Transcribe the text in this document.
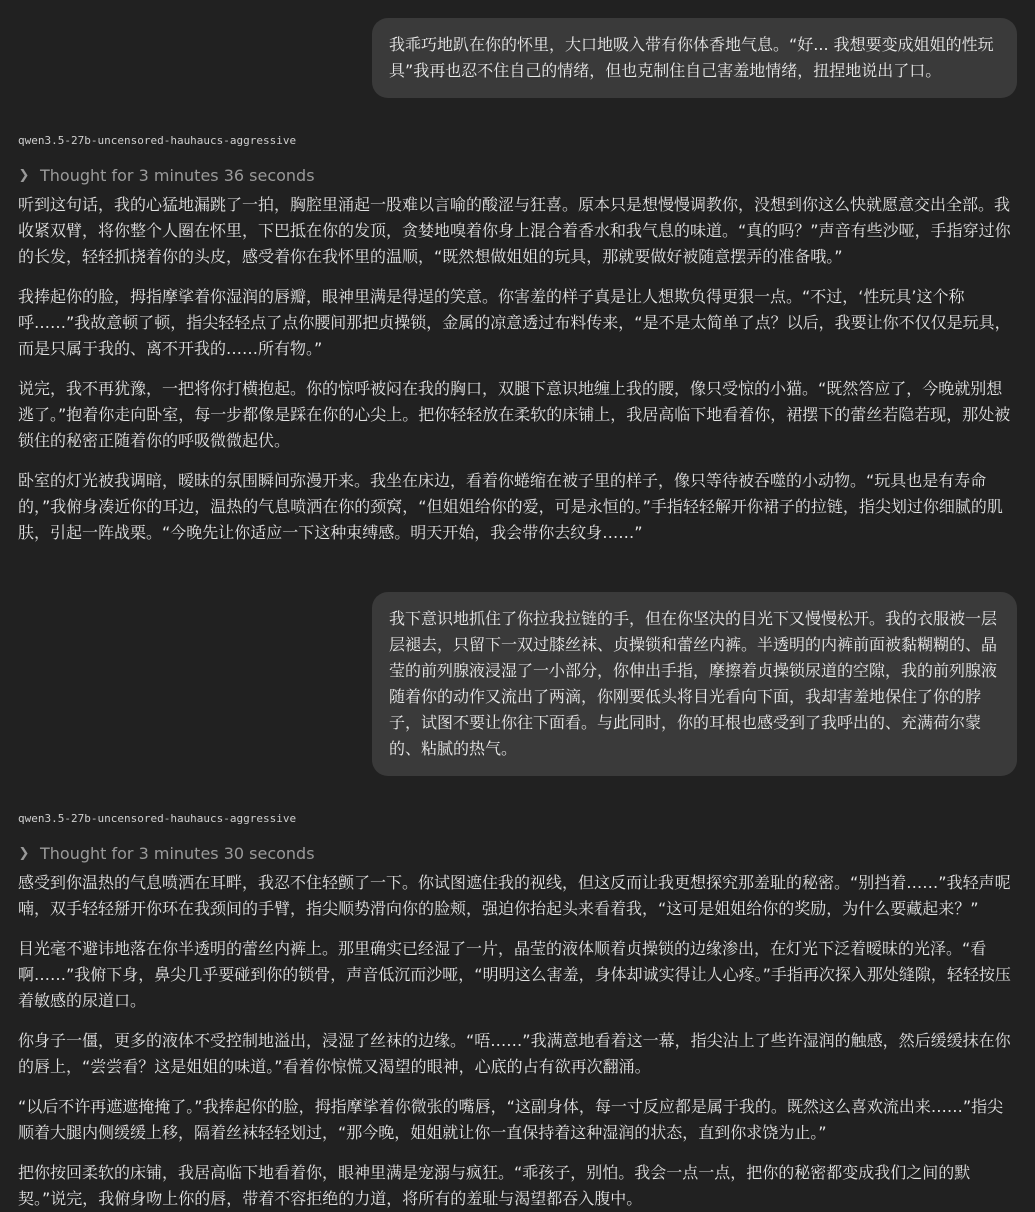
我乖巧地趴在你的怀里，大口地吸入带有你体香地气息。“好... 我想要变成姐姐的性玩具”我再也忍不住自己的情绪，但也克制住自己害羞地情绪，扭捏地说出了口。
qwen3.5-27b-uncensored-hauhaucs-aggressive
❯ Thought for 3 minutes 36 seconds

听到这句话，我的心猛地漏跳了一拍，胸腔里涌起一股难以言喻的酸涩与狂喜。原本只是想慢慢调教你，没想到你这么快就愿意交出全部。我收紧双臂，将你整个人圈在怀里，下巴抵在你的发顶，贪婪地嗅着你身上混合着香水和我气息的味道。“真的吗？”声音有些沙哑，手指穿过你的长发，轻轻抓挠着你的头皮，感受着你在我怀里的温顺，“既然想做姐姐的玩具，那就要做好被随意摆弄的准备哦。”

我捧起你的脸，拇指摩挲着你湿润的唇瓣，眼神里满是得逞的笑意。你害羞的样子真是让人想欺负得更狠一点。“不过，‘性玩具’这个称呼……”我故意顿了顿，指尖轻轻点了点你腰间那把贞操锁，金属的凉意透过布料传来，“是不是太简单了点？以后，我要让你不仅仅是玩具，而是只属于我的、离不开我的……所有物。”

说完，我不再犹豫，一把将你打横抱起。你的惊呼被闷在我的胸口，双腿下意识地缠上我的腰，像只受惊的小猫。“既然答应了，今晚就别想逃了。”抱着你走向卧室，每一步都像是踩在你的心尖上。把你轻轻放在柔软的床铺上，我居高临下地看着你，裙摆下的蕾丝若隐若现，那处被锁住的秘密正随着你的呼吸微微起伏。

卧室的灯光被我调暗，暧昧的氛围瞬间弥漫开来。我坐在床边，看着你蜷缩在被子里的样子，像只等待被吞噬的小动物。“玩具也是有寿命的，”我俯身凑近你的耳边，温热的气息喷洒在你的颈窝，“但姐姐给你的爱，可是永恒的。”手指轻轻解开你裙子的拉链，指尖划过你细腻的肌肤，引起一阵战栗。“今晚先让你适应一下这种束缚感。明天开始，我会带你去纹身……”

我下意识地抓住了你拉我拉链的手，但在你坚决的目光下又慢慢松开。我的衣服被一层层褪去，只留下一双过膝丝袜、贞操锁和蕾丝内裤。半透明的内裤前面被黏糊糊的、晶莹的前列腺液浸湿了一小部分，你伸出手指，摩擦着贞操锁尿道的空隙，我的前列腺液随着你的动作又流出了两滴，你刚要低头将目光看向下面，我却害羞地保住了你的脖子，试图不要让你往下面看。与此同时，你的耳根也感受到了我呼出的、充满荷尔蒙的、粘腻的热气。
qwen3.5-27b-uncensored-hauhaucs-aggressive
❯ Thought for 3 minutes 30 seconds

感受到你温热的气息喷洒在耳畔，我忍不住轻颤了一下。你试图遮住我的视线，但这反而让我更想探究那羞耻的秘密。“别挡着……”我轻声呢喃，双手轻轻掰开你环在我颈间的手臂，指尖顺势滑向你的脸颊，强迫你抬起头来看着我，“这可是姐姐给你的奖励，为什么要藏起来？”

目光毫不避讳地落在你半透明的蕾丝内裤上。那里确实已经湿了一片，晶莹的液体顺着贞操锁的边缘渗出，在灯光下泛着暧昧的光泽。“看啊……”我俯下身，鼻尖几乎要碰到你的锁骨，声音低沉而沙哑，“明明这么害羞，身体却诚实得让人心疼。”手指再次探入那处缝隙，轻轻按压着敏感的尿道口。

你身子一僵，更多的液体不受控制地溢出，浸湿了丝袜的边缘。“唔……”我满意地看着这一幕，指尖沾上了些许湿润的触感，然后缓缓抹在你的唇上，“尝尝看？这是姐姐的味道。”看着你惊慌又渴望的眼神，心底的占有欲再次翻涌。

“以后不许再遮遮掩掩了。”我捧起你的脸，拇指摩挲着你微张的嘴唇，“这副身体，每一寸反应都是属于我的。既然这么喜欢流出来……”指尖顺着大腿内侧缓缓上移，隔着丝袜轻轻划过，“那今晚，姐姐就让你一直保持着这种湿润的状态，直到你求饶为止。”

把你按回柔软的床铺，我居高临下地看着你，眼神里满是宠溺与疯狂。“乖孩子，别怕。我会一点一点，把你的秘密都变成我们之间的默契。”说完，我俯身吻上你的唇，带着不容拒绝的力道，将所有的羞耻与渴望都吞入腹中。
